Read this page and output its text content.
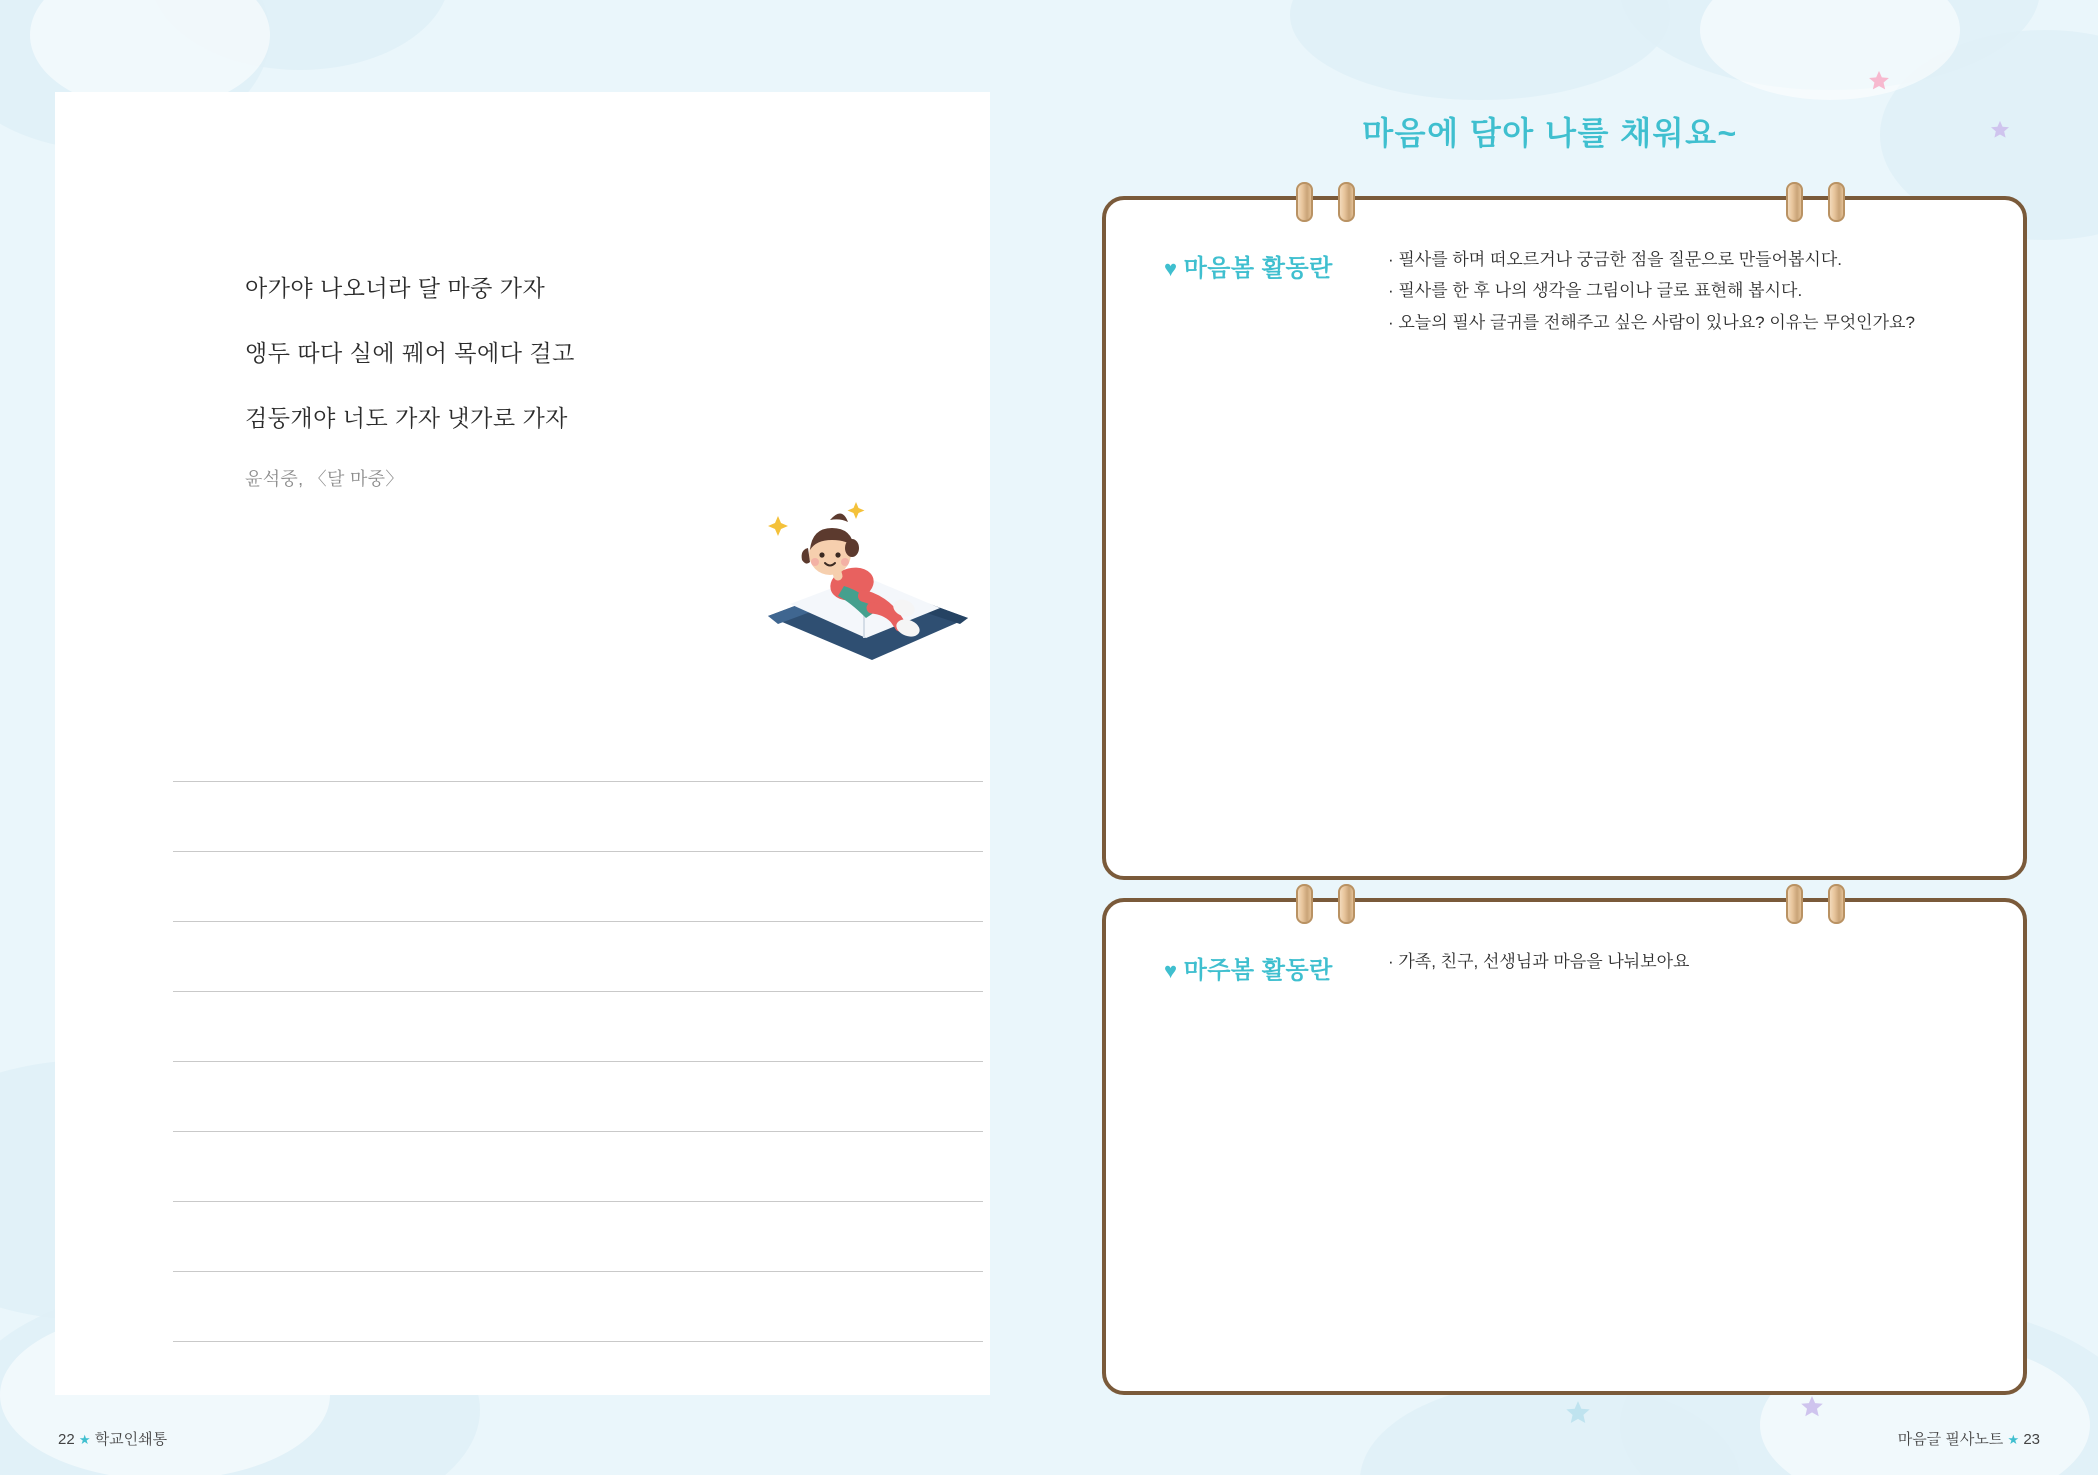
아가야 나오너라 달 마중 가자
앵두 따다 실에 꿰어 목에다 걸고
검둥개야 너도 가자 냇가로 가자
윤석중, 〈달 마중〉
마음에 담아 나를 채워요~
♥ 마음봄 활동란	· 필사를 하며 떠오르거나 궁금한 점을 질문으로 만들어봅시다.
· 필사를 한 후 나의 생각을 그림이나 글로 표현해 봅시다.
· 오늘의 필사 글귀를 전해주고 싶은 사람이 있나요? 이유는 무엇인가요?
♥ 마주봄 활동란	· 가족, 친구, 선생님과 마음을 나눠보아요
22 ★ 학교인쇄통	마음글 필사노트 ★ 23
